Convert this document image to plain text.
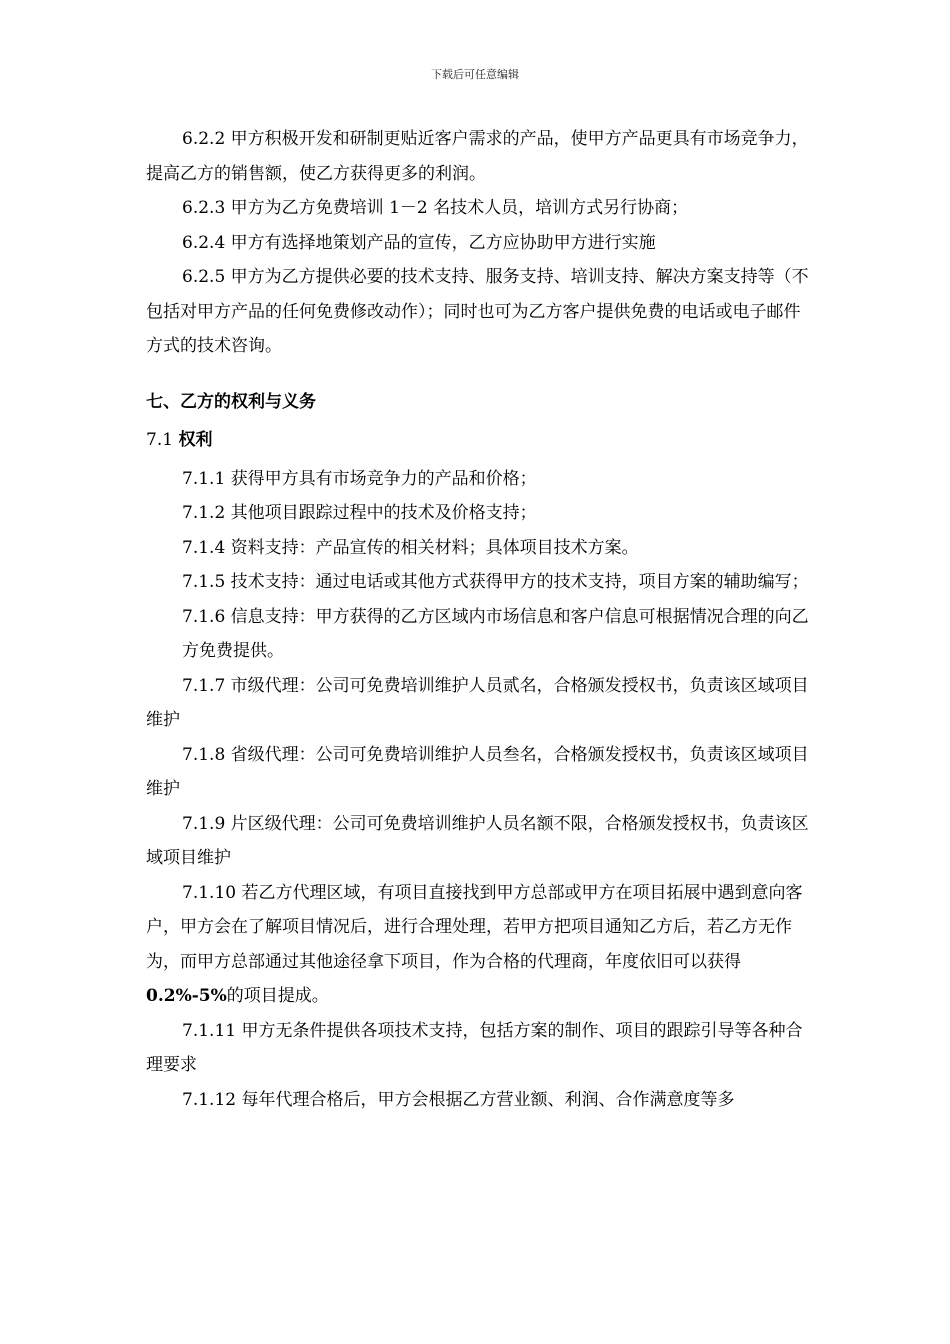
下载后可任意编辑

6.2.2 甲方积极开发和研制更贴近客户需求的产品，使甲方产品更具有市场竞争力，提高乙方的销售额，使乙方获得更多的利润。

6.2.3 甲方为乙方免费培训 1－2 名技术人员，培训方式另行协商；

6.2.4 甲方有选择地策划产品的宣传，乙方应协助甲方进行实施

6.2.5 甲方为乙方提供必要的技术支持、服务支持、培训支持、解决方案支持等（不包括对甲方产品的任何免费修改动作）；同时也可为乙方客户提供免费的电话或电子邮件方式的技术咨询。

七、乙方的权利与义务

7.1 权利

7.1.1 获得甲方具有市场竞争力的产品和价格；

7.1.2 其他项目跟踪过程中的技术及价格支持；

7.1.4 资料支持：产品宣传的相关材料；具体项目技术方案。

7.1.5 技术支持：通过电话或其他方式获得甲方的技术支持，项目方案的辅助编写；

7.1.6 信息支持：甲方获得的乙方区域内市场信息和客户信息可根据情况合理的向乙方免费提供。

7.1.7 市级代理：公司可免费培训维护人员贰名，合格颁发授权书，负责该区域项目维护

7.1.8 省级代理：公司可免费培训维护人员叁名，合格颁发授权书，负责该区域项目维护

7.1.9 片区级代理：公司可免费培训维护人员名额不限，合格颁发授权书，负责该区域项目维护

7.1.10 若乙方代理区域，有项目直接找到甲方总部或甲方在项目拓展中遇到意向客户，甲方会在了解项目情况后，进行合理处理，若甲方把项目通知乙方后，若乙方无作为，而甲方总部通过其他途径拿下项目，作为合格的代理商，年度依旧可以获得 0.2%-5%的项目提成。

7.1.11 甲方无条件提供各项技术支持，包括方案的制作、项目的跟踪引导等各种合理要求

7.1.12 每年代理合格后，甲方会根据乙方营业额、利润、合作满意度等多
